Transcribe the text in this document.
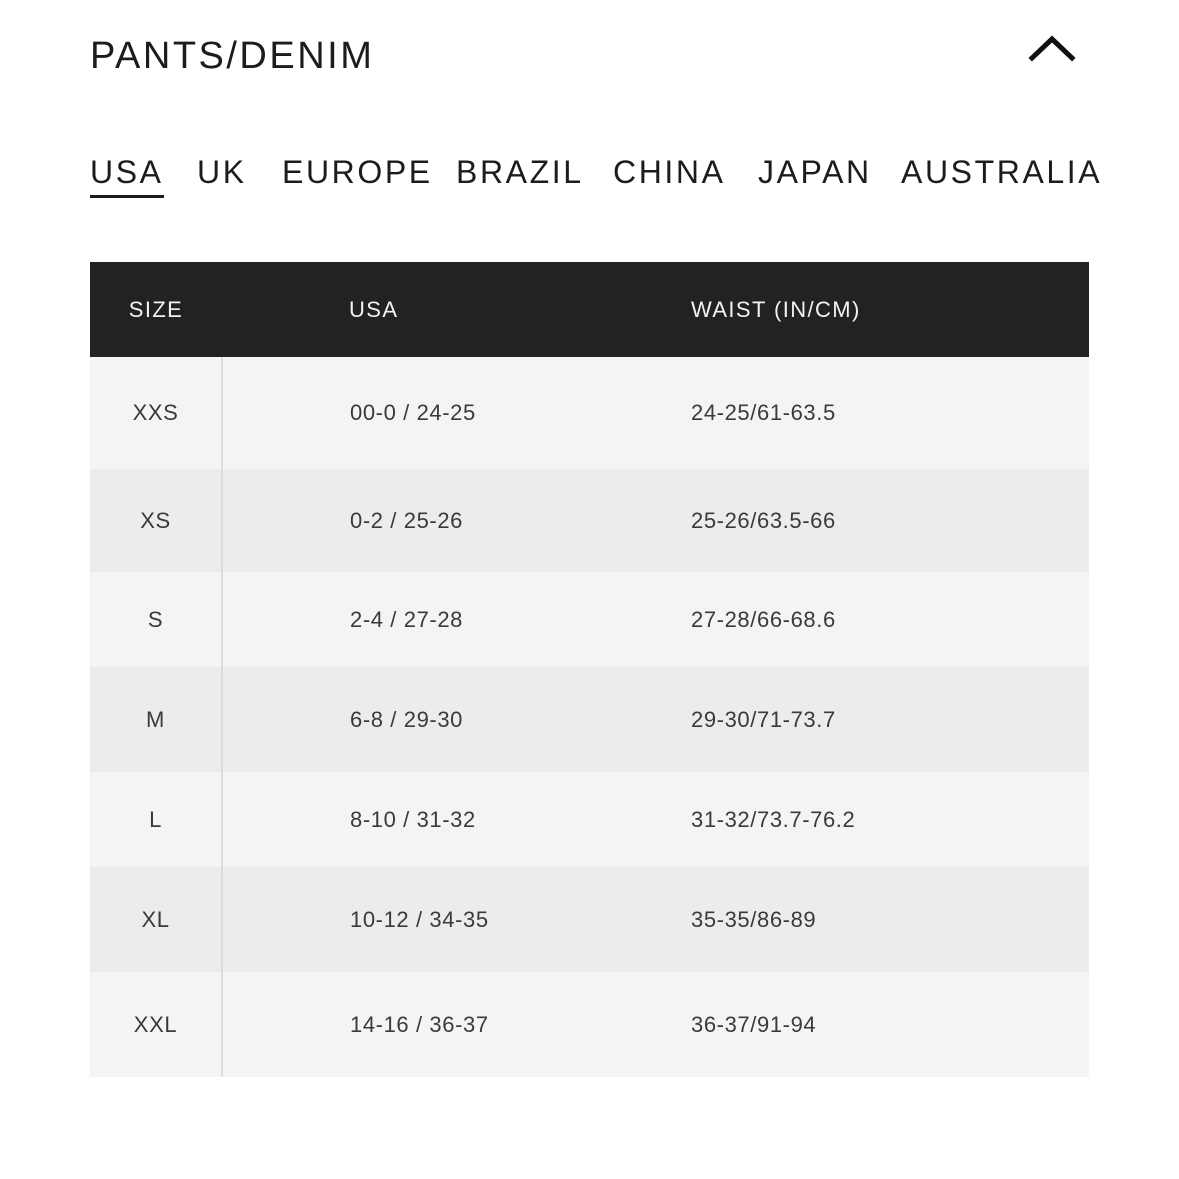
PANTS/DENIM
USA UK EUROPE BRAZIL CHINA JAPAN AUSTRALIA
SIZE	USA	WAIST (IN/CM)
XXS	00-0 / 24-25	24-25/61-63.5
XS	0-2 / 25-26	25-26/63.5-66
S	2-4 / 27-28	27-28/66-68.6
M	6-8 / 29-30	29-30/71-73.7
L	8-10 / 31-32	31-32/73.7-76.2
XL	10-12 / 34-35	35-35/86-89
XXL	14-16 / 36-37	36-37/91-94
